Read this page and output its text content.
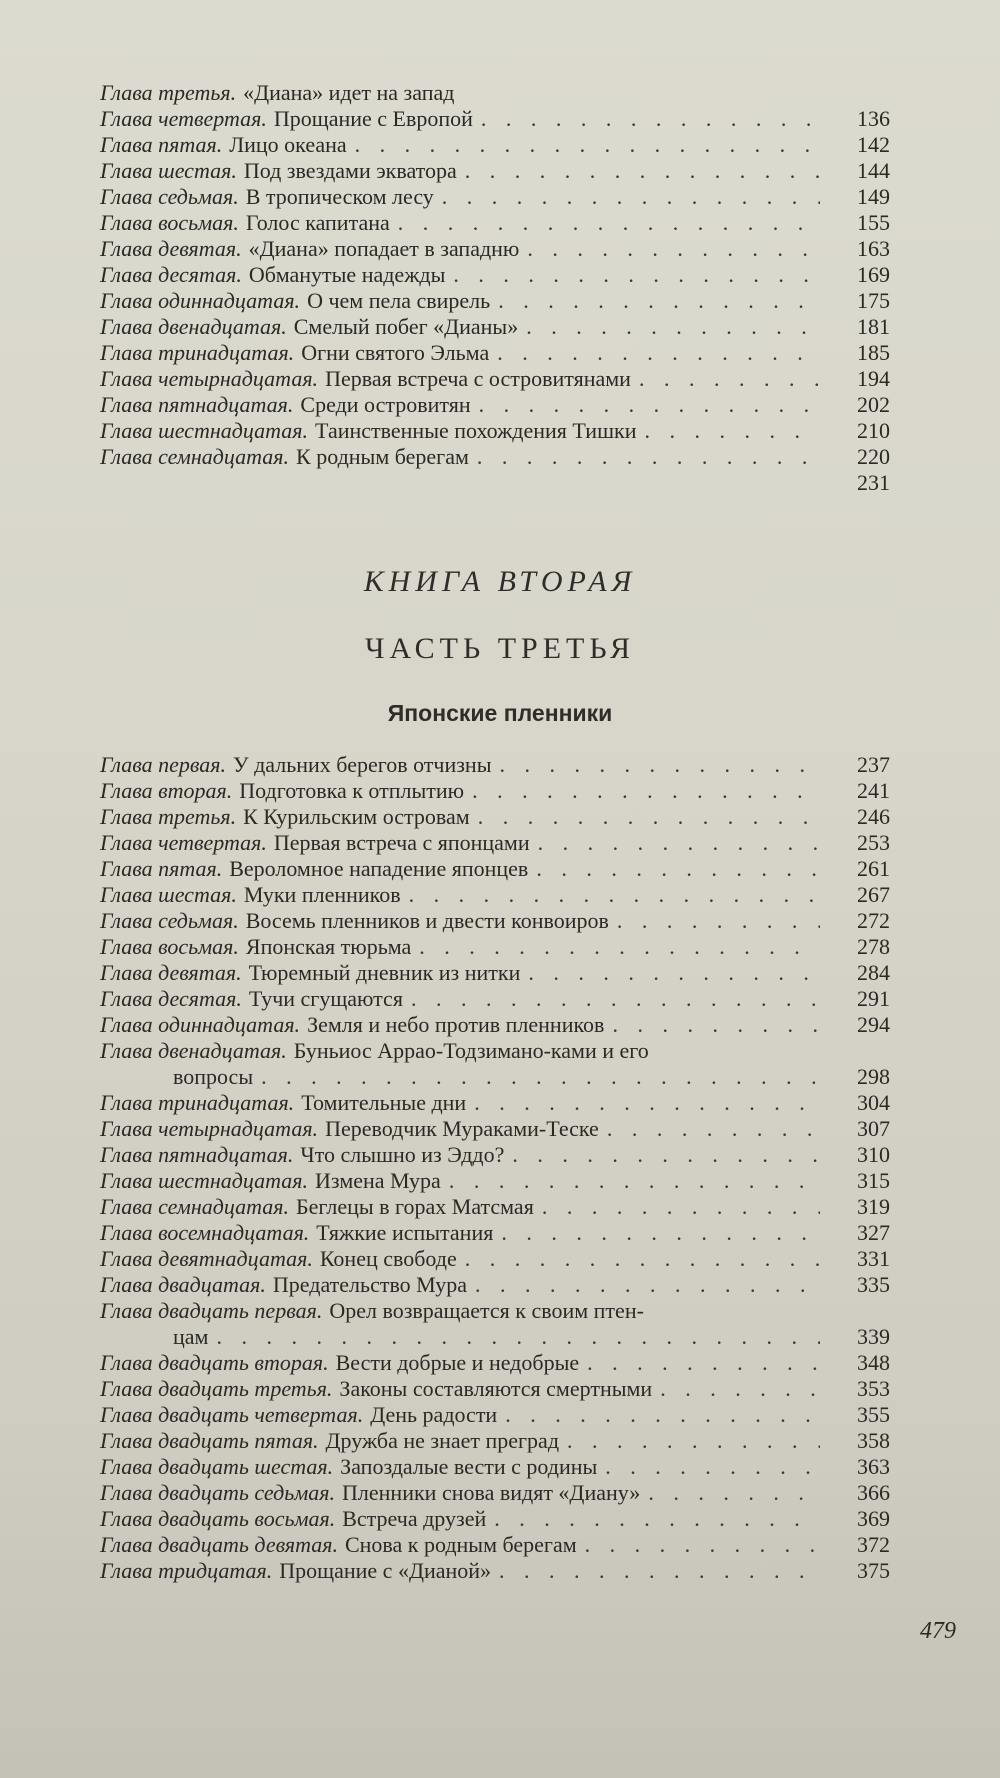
Глава третья. «Диана» идет на запад
Глава четвертая. Прощание с Европой . . .	136
Глава пятая. Лицо океана . . .	142
Глава шестая. Под звездами экватора . . .	144
Глава седьмая. В тропическом лесу . . .	149
Глава восьмая. Голос капитана . . .	155
Глава девятая. «Диана» попадает в западню . . .	163
Глава десятая. Обманутые надежды . . .	169
Глава одиннадцатая. О чем пела свирель . . .	175
Глава двенадцатая. Смелый побег «Дианы» . . .	181
Глава тринадцатая. Огни святого Эльма . . .	185
Глава четырнадцатая. Первая встреча с островитянами . . .	194
Глава пятнадцатая. Среди островитян . . .	202
Глава шестнадцатая. Таинственные похождения Тишки . . .	210
Глава семнадцатая. К родным берегам . . .	220
231
КНИГА ВТОРАЯ
ЧАСТЬ ТРЕТЬЯ
Японские пленники
Глава первая. У дальних берегов отчизны . . .	237
Глава вторая. Подготовка к отплытию . . .	241
Глава третья. К Курильским островам . . .	246
Глава четвертая. Первая встреча с японцами . . .	253
Глава пятая. Вероломное нападение японцев . . .	261
Глава шестая. Муки пленников . . .	267
Глава седьмая. Восемь пленников и двести конвоиров . . .	272
Глава восьмая. Японская тюрьма . . .	278
Глава девятая. Тюремный дневник из нитки . . .	284
Глава десятая. Тучи сгущаются . . .	291
Глава одиннадцатая. Земля и небо против пленников . . .	294
Глава двенадцатая. Буньиос Аррао-Тодзимано-ками и его
вопросы . . .	298
Глава тринадцатая. Томительные дни . . .	304
Глава четырнадцатая. Переводчик Мураками-Теске . . .	307
Глава пятнадцатая. Что слышно из Эддо? . . .	310
Глава шестнадцатая. Измена Мура . . .	315
Глава семнадцатая. Беглецы в горах Матсмая . . .	319
Глава восемнадцатая. Тяжкие испытания . . .	327
Глава девятнадцатая. Конец свободе . . .	331
Глава двадцатая. Предательство Мура . . .	335
Глава двадцать первая. Орел возвращается к своим птен-
цам . . .	339
Глава двадцать вторая. Вести добрые и недобрые . . .	348
Глава двадцать третья. Законы составляются смертными . . .	353
Глава двадцать четвертая. День радости . . .	355
Глава двадцать пятая. Дружба не знает преград . . .	358
Глава двадцать шестая. Запоздалые вести с родины . . .	363
Глава двадцать седьмая. Пленники снова видят «Диану» . . .	366
Глава двадцать восьмая. Встреча друзей . . .	369
Глава двадцать девятая. Снова к родным берегам . . .	372
Глава тридцатая. Прощание с «Дианой» . . .	375
479
